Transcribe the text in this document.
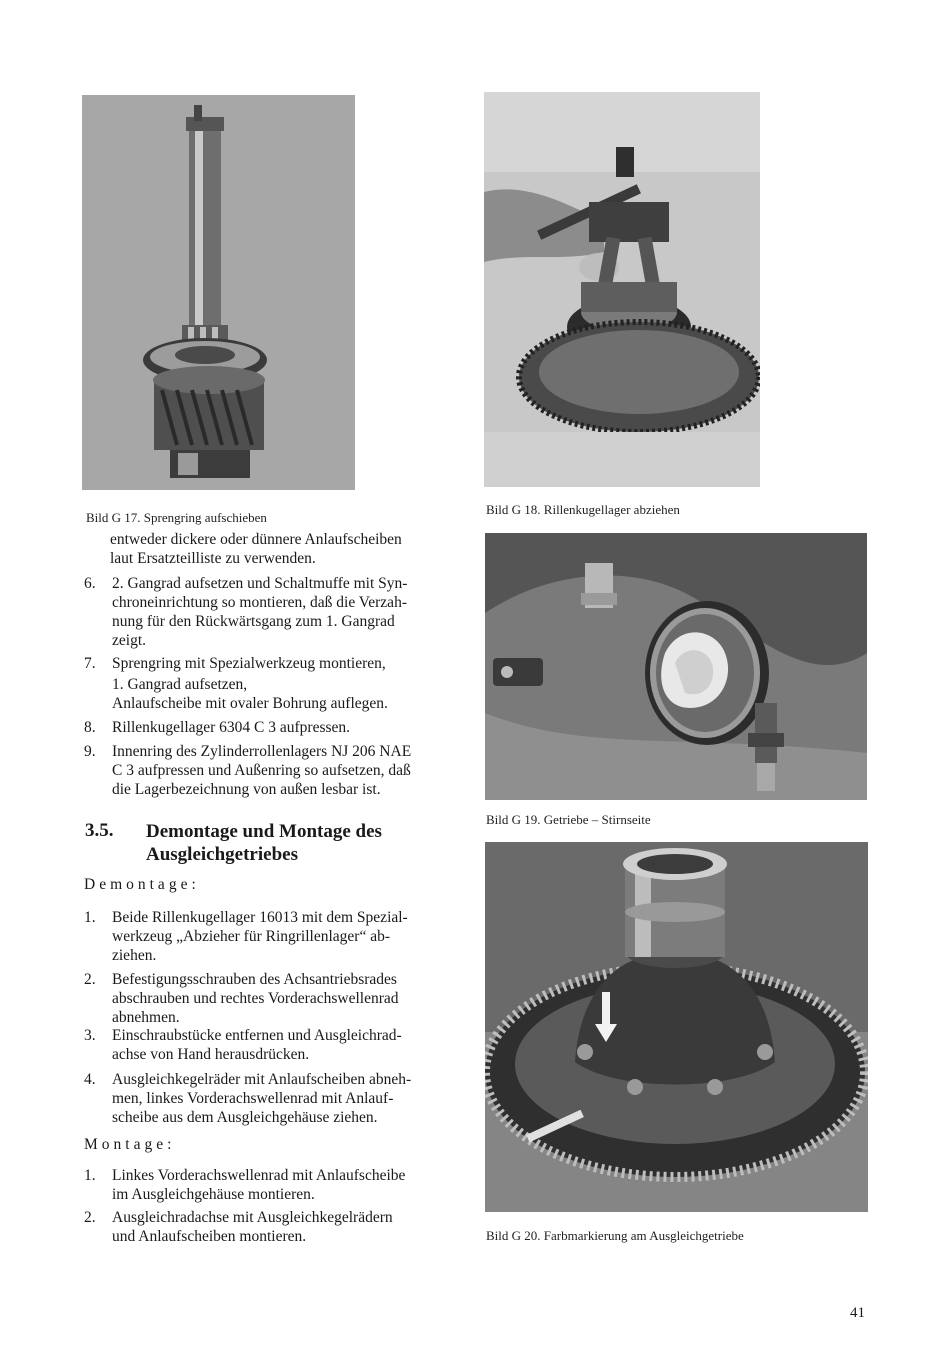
Bild G 17. Sprengring aufschieben
Bild G 18. Rillenkugellager abziehen
Bild G 19. Getriebe – Stirnseite
Bild G 20. Farbmarkierung am Ausgleichgetriebe
entweder dickere oder dünnere Anlaufscheiben
laut Ersatzteilliste zu verwenden.
6.	2. Gangrad aufsetzen und Schaltmuffe mit Syn-
chroneinrichtung so montieren, daß die Verzah-
nung für den Rückwärtsgang zum 1. Gangrad
zeigt.
7.	Sprengring mit Spezialwerkzeug montieren,
1. Gangrad aufsetzen,
Anlaufscheibe mit ovaler Bohrung auflegen.
8.	Rillenkugellager 6304 C 3 aufpressen.
9.	Innenring des Zylinderrollenlagers NJ 206 NAE
C 3 aufpressen und Außenring so aufsetzen, daß
die Lagerbezeichnung von außen lesbar ist.
3.5. Demontage und Montage des
Ausgleichgetriebes
Demontage:
1.	Beide Rillenkugellager 16013 mit dem Spezial-
werkzeug „Abzieher für Ringrillenlager“ ab-
ziehen.
2.	Befestigungsschrauben des Achsantriebsrades
abschrauben und rechtes Vorderachswellenrad
abnehmen.
3.	Einschraubstücke entfernen und Ausgleichrad-
achse von Hand herausdrücken.
4.	Ausgleichkegelräder mit Anlaufscheiben abneh-
men, linkes Vorderachswellenrad mit Anlauf-
scheibe aus dem Ausgleichgehäuse ziehen.
Montage:
1.	Linkes Vorderachswellenrad mit Anlaufscheibe
im Ausgleichgehäuse montieren.
2.	Ausgleichradachse mit Ausgleichkegelrädern
und Anlaufscheiben montieren.
41
